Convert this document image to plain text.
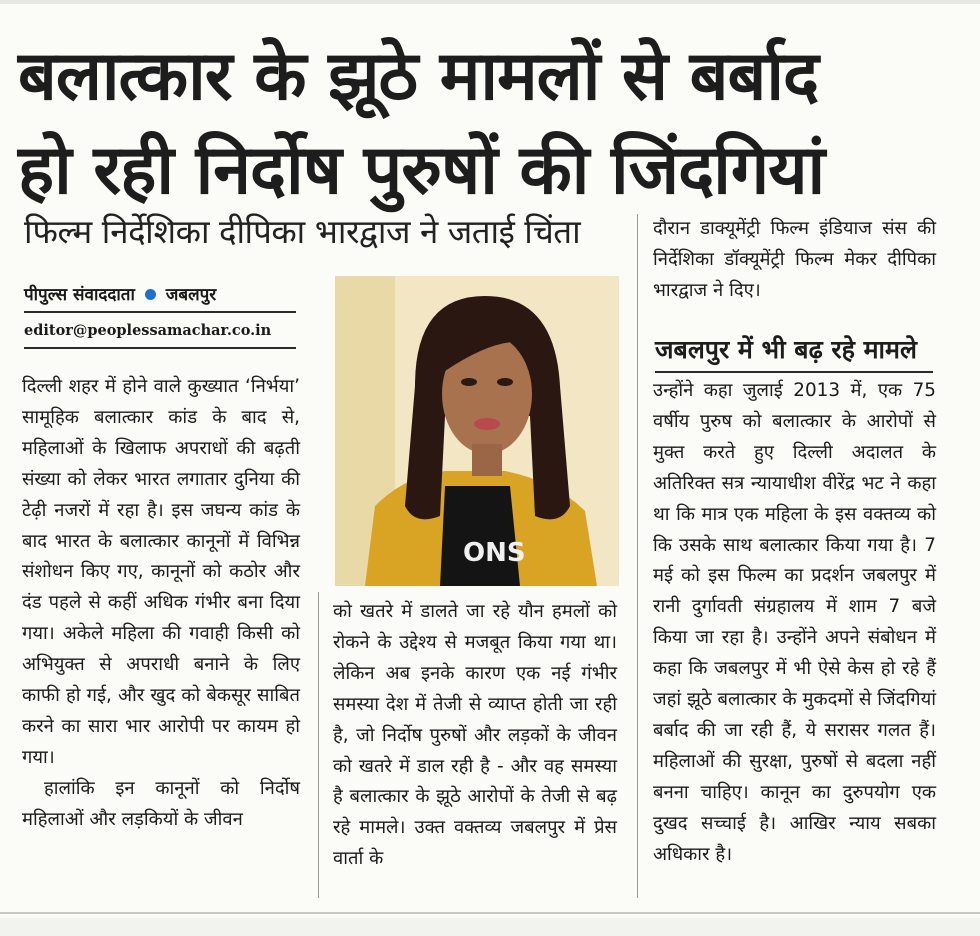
बलात्कार के झूठे मामलों से बर्बाद
हो रही निर्दोष पुरुषों की जिंदगियां
फिल्म निर्देशिका दीपिका भारद्वाज ने जताई चिंता
पीपुल्स संवाददाता जबलपुर
editor@peoplessamachar.co.in

दिल्ली शहर में होने वाले कुख्यात ‘निर्भया’ सामूहिक बलात्कार कांड के बाद से, महिलाओं के खिलाफ अपराधों की बढ़ती संख्या को लेकर भारत लगातार दुनिया की टेढ़ी नजरों में रहा है। इस जघन्य कांड के बाद भारत के बलात्कार कानूनों में विभिन्न संशोधन किए गए, कानूनों को कठोर और दंड पहले से कहीं अधिक गंभीर बना दिया गया। अकेले महिला की गवाही किसी को अभियुक्त से अपराधी बनाने के लिए काफी हो गई, और खुद को बेकसूर साबित करने का सारा भार आरोपी पर कायम हो गया।

हालांकि इन कानूनों को निर्दोष महिलाओं और लड़कियों के जीवन

ONS

को खतरे में डालते जा रहे यौन हमलों को रोकने के उद्देश्य से मजबूत किया गया था। लेकिन अब इनके कारण एक नई गंभीर समस्या देश में तेजी से व्याप्त होती जा रही है, जो निर्दोष पुरुषों और लड़कों के जीवन को खतरे में डाल रही है - और वह समस्या है बलात्कार के झूठे आरोपों के तेजी से बढ़ रहे मामले। उक्त वक्तव्य जबलपुर में प्रेस वार्ता के

दौरान डाक्यूमेंट्री फिल्म इंडियाज संस की निर्देशिका डॉक्यूमेंट्री फिल्म मेकर दीपिका भारद्वाज ने दिए।

जबलपुर में भी बढ़ रहे मामले

उन्होंने कहा जुलाई 2013 में, एक 75 वर्षीय पुरुष को बलात्कार के आरोपों से मुक्त करते हुए दिल्ली अदालत के अतिरिक्त सत्र न्यायाधीश वीरेंद्र भट ने कहा था कि मात्र एक महिला के इस वक्तव्य को कि उसके साथ बलात्कार किया गया है। 7 मई को इस फिल्म का प्रदर्शन जबलपुर में रानी दुर्गावती संग्रहालय में शाम 7 बजे किया जा रहा है। उन्होंने अपने संबोधन में कहा कि जबलपुर में भी ऐसे केस हो रहे हैं जहां झूठे बलात्कार के मुकदमों से जिंदगियां बर्बाद की जा रही हैं, ये सरासर गलत हैं। महिलाओं की सुरक्षा, पुरुषों से बदला नहीं बनना चाहिए। कानून का दुरुपयोग एक दुखद सच्चाई है। आखिर न्याय सबका अधिकार है।
